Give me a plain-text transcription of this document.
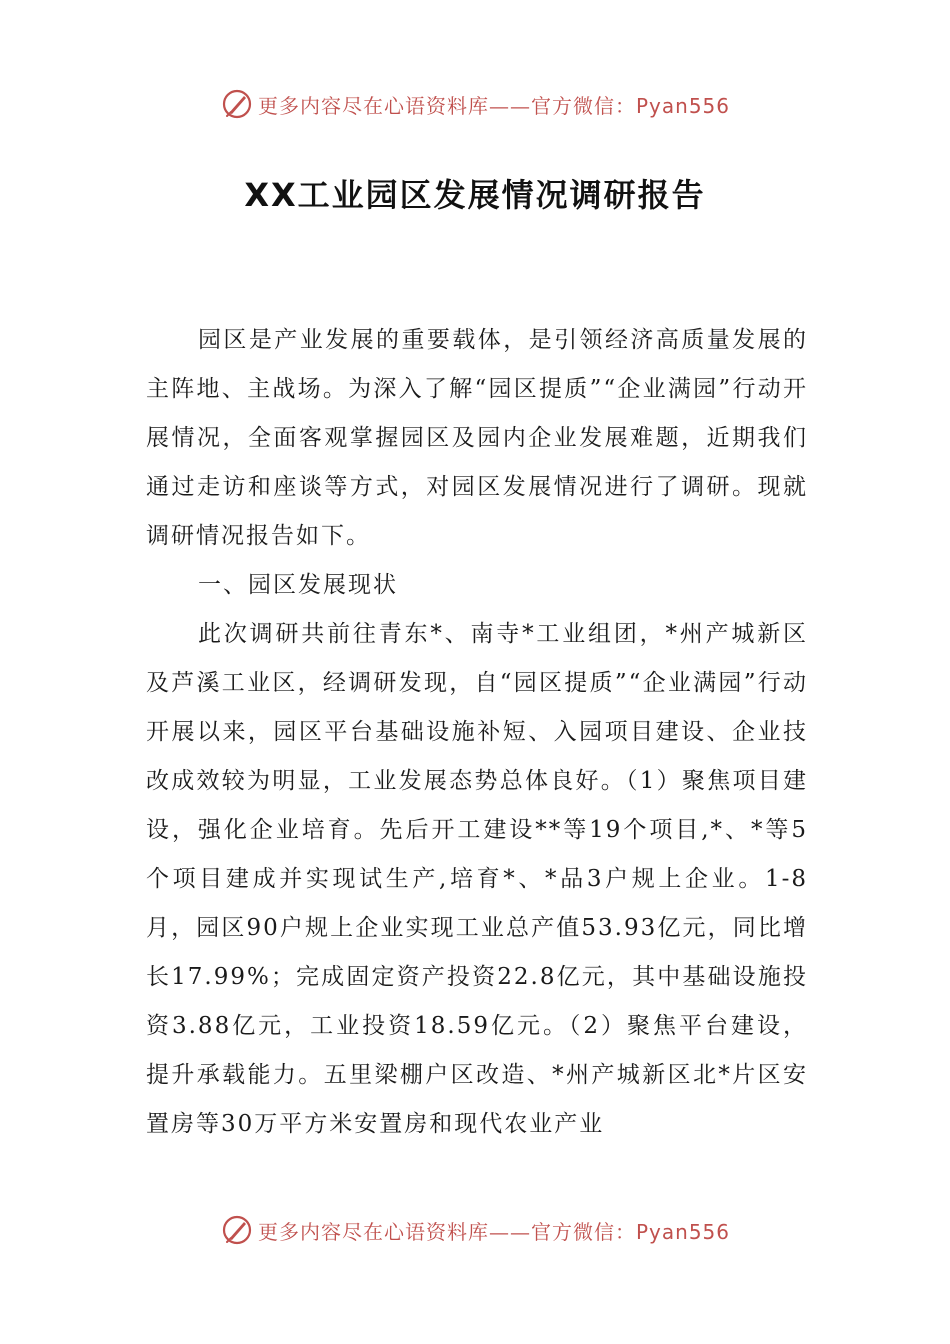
更多内容尽在心语资料库——官方微信：Pyan556
XX工业园区发展情况调研报告

园区是产业发展的重要载体，是引领经济高质量发展的主阵地、主战场。为深入了解“园区提质”“企业满园”行动开展情况，全面客观掌握园区及园内企业发展难题，近期我们通过走访和座谈等方式，对园区发展情况进行了调研。现就调研情况报告如下。

一、园区发展现状

此次调研共前往青东*、南寺*工业组团，*州产城新区及芦溪工业区，经调研发现，自“园区提质”“企业满园”行动开展以来，园区平台基础设施补短、入园项目建设、企业技改成效较为明显，工业发展态势总体良好。（1）聚焦项目建设，强化企业培育。先后开工建设**等19个项目,*、*等5个项目建成并实现试生产,培育*、*品3户规上企业。1-8月，园区90户规上企业实现工业总产值53.93亿元，同比增长17.99%；完成固定资产投资22.8亿元，其中基础设施投资3.88亿元，工业投资18.59亿元。（2）聚焦平台建设，提升承载能力。五里梁棚户区改造、*州产城新区北*片区安置房等30万平方米安置房和现代农业产业

更多内容尽在心语资料库——官方微信：Pyan556
